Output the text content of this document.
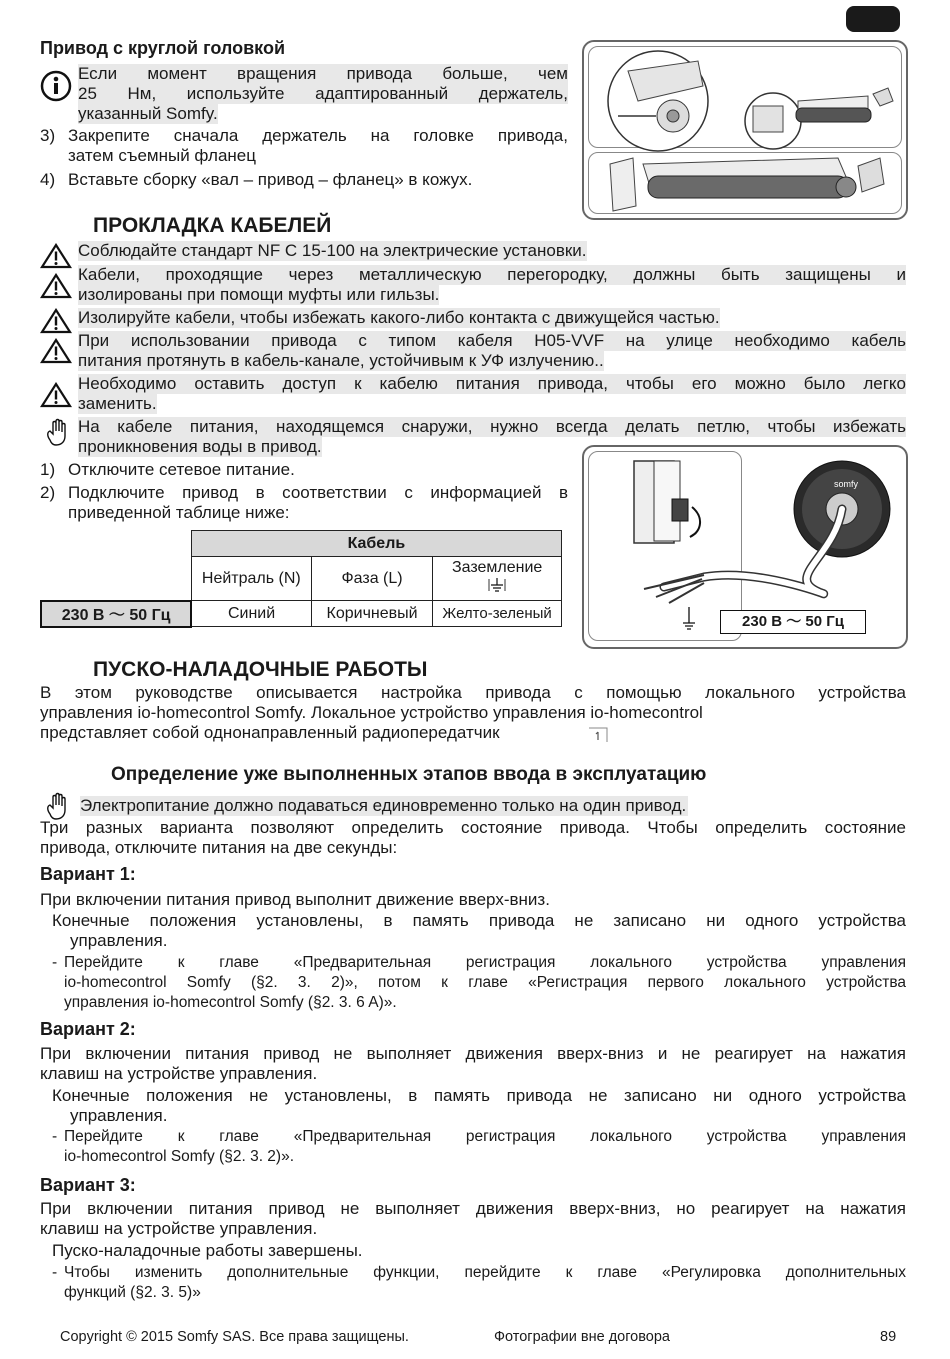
Привод с круглой головкой
Если момент вращения привода больше, чем
25 Нм, используйте адаптированный держатель,
указанный Somfy.
3) Закрепите сначала держатель на головке привода,
затем съемный фланец
4) Вставьте сборку «вал – привод – фланец» в кожух.
ПРОКЛАДКА КАБЕЛЕЙ
Соблюдайте стандарт NF C 15-100 на электрические установки.
Кабели, проходящие через металлическую перегородку, должны быть защищены и
изолированы при помощи муфты или гильзы.
Изолируйте кабели, чтобы избежать какого-либо контакта с движущейся частью.
При использовании привода с типом кабеля H05-VVF на улице необходимо кабель
питания протянуть в кабель-канале, устойчивым к УФ излучению..
Необходимо оставить доступ к кабелю питания привода, чтобы его можно было легко
заменить.
На кабеле питания, находящемся снаружи, нужно всегда делать петлю, чтобы избежать
проникновения воды в привод.
1) Отключите сетевое питание.
2) Подключите привод в соответствии с информацией в
приведенной таблице ниже:
	Кабель		
	Нейтраль (N)	Фаза (L)	Заземление

230 В ～ 50 Гц	Синий	Коричневый	Желто-зеленый
somfy
230 В ～ 50 Гц
ПУСКО-НАЛАДОЧНЫЕ РАБОТЫ
В этом руководстве описывается настройка привода с помощью локального устройства
управления io-homecontrol Somfy. Локальное устройство управления io-homecontrol
представляет собой однонаправленный радиопередатчик
Определение уже выполненных этапов ввода в эксплуатацию
Электропитание должно подаваться единовременно только на один привод.
Три разных варианта позволяют определить состояние привода. Чтобы определить состояние
привода, отключите питания на две секунды:
Вариант 1:
При включении питания привод выполнит движение вверх-вниз.
Конечные положения установлены, в память привода не записано ни одного устройства
управления.
- Перейдите к главе «Предварительная регистрация локального устройства управления
io-homecontrol Somfy (§2. 3. 2)», потом к главе «Регистрация первого локального устройства
управления io-homecontrol Somfy (§2. 3. 6 A)».
Вариант 2:
При включении питания привод не выполняет движения вверх-вниз и не реагирует на нажатия
клавиш на устройстве управления.
Конечные положения не установлены, в память привода не записано ни одного устройства
управления.
- Перейдите к главе «Предварительная регистрация локального устройства управления
io-homecontrol Somfy (§2. 3. 2)».
Вариант 3:
При включении питания привод не выполняет движения вверх-вниз, но реагирует на нажатия
клавиш на устройстве управления.
Пуско-наладочные работы завершены.
- Чтобы изменить дополнительные функции, перейдите к главе «Регулировка дополнительных
функций (§2. 3. 5)»
Copyright © 2015 Somfy SAS. Все права защищены.	Фотографии вне договора	89
